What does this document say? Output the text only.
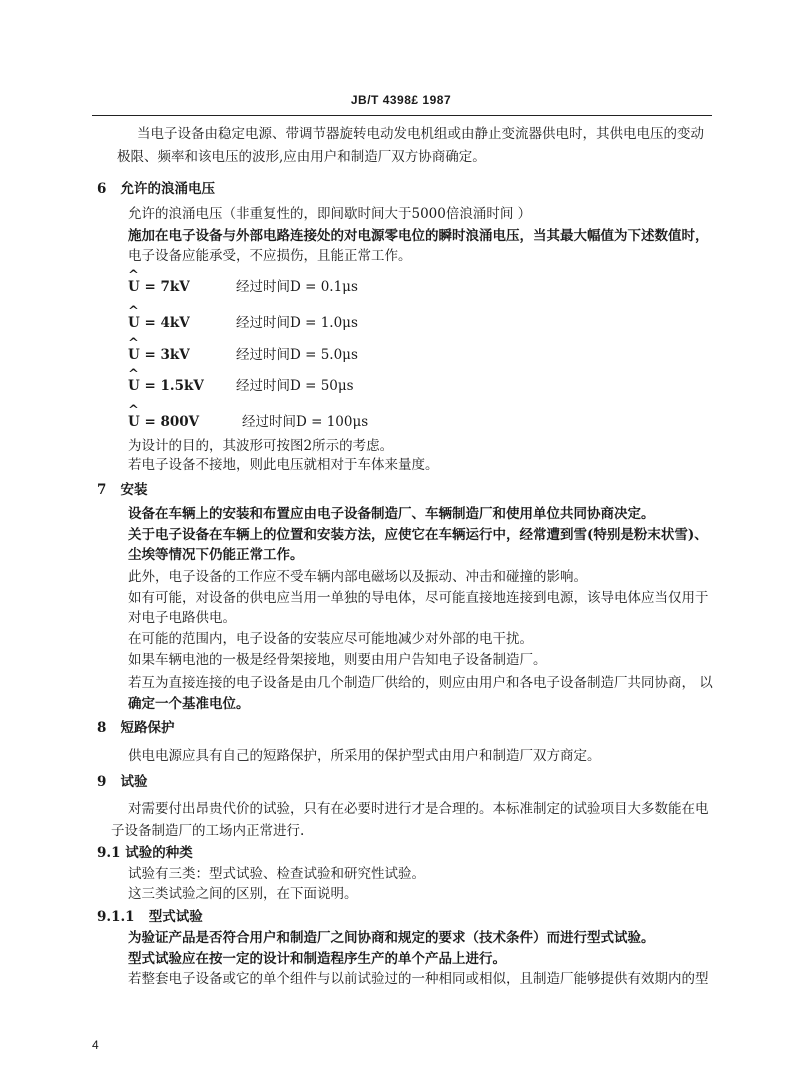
JB/T 4398£ 1987
当电子设备由稳定电源、带调节器旋转电动发电机组或由静止变流器供电时，其供电电压的变动
极限、频率和该电压的波形,应由用户和制造厂双方协商确定。
6 允许的浪涌电压
允许的浪涌电压（非重复性的，即间歇时间大于5000倍浪涌时间 ）
施加在电子设备与外部电路连接处的对电源零电位的瞬时浪涌电压，当其最大幅值为下述数值时，
电子设备应能承受，不应损伤，且能正常工作。
^
U = 7kV	经过时间D = 0.1μs
^
U = 4kV	经过时间D = 1.0μs
^
U = 3kV	经过时间D = 5.0μs
^
U = 1.5kV 经过时间D = 50μs
^
U = 800V	经过时间D = 100μs
为设计的目的，其波形可按图2所示的考虑。
若电子设备不接地，则此电压就相对于车体来量度。
7 安装
设备在车辆上的安装和布置应由电子设备制造厂、车辆制造厂和使用单位共同协商决定。
关于电子设备在车辆上的位置和安装方法，应使它在车辆运行中，经常遭到雪(特别是粉末状雪)、
尘埃等情况下仍能正常工作。
此外，电子设备的工作应不受车辆内部电磁场以及振动、冲击和碰撞的影响。
如有可能，对设备的供电应当用一单独的导电体，尽可能直接地连接到电源，该导电体应当仅用于
对电子电路供电。
在可能的范围内，电子设备的安装应尽可能地减少对外部的电干扰。
如果车辆电池的一极是经骨架接地，则要由用户告知电子设备制造厂。
若互为直接连接的电子设备是由几个制造厂供给的，则应由用户和各电子设备制造厂共同协商， 以
确定一个基准电位。
8 短路保护
供电电源应具有自己的短路保护，所采用的保护型式由用户和制造厂双方商定。
9 试验
对需要付出昂贵代价的试验，只有在必要时进行才是合理的。本标准制定的试验项目大多数能在电
子设备制造厂的工场内正常进行.
9.1 试验的种类
试验有三类：型式试验、检查试验和研究性试验。
这三类试验之间的区别，在下面说明。
9.1.1 型式试验
为验证产品是否符合用户和制造厂之间协商和规定的要求（技术条件）而进行型式试验。
型式试验应在按一定的设计和制造程序生产的单个产品上进行。
若整套电子设备或它的单个组件与以前试验过的一种相同或相似，且制造厂能够提供有效期内的型
4
